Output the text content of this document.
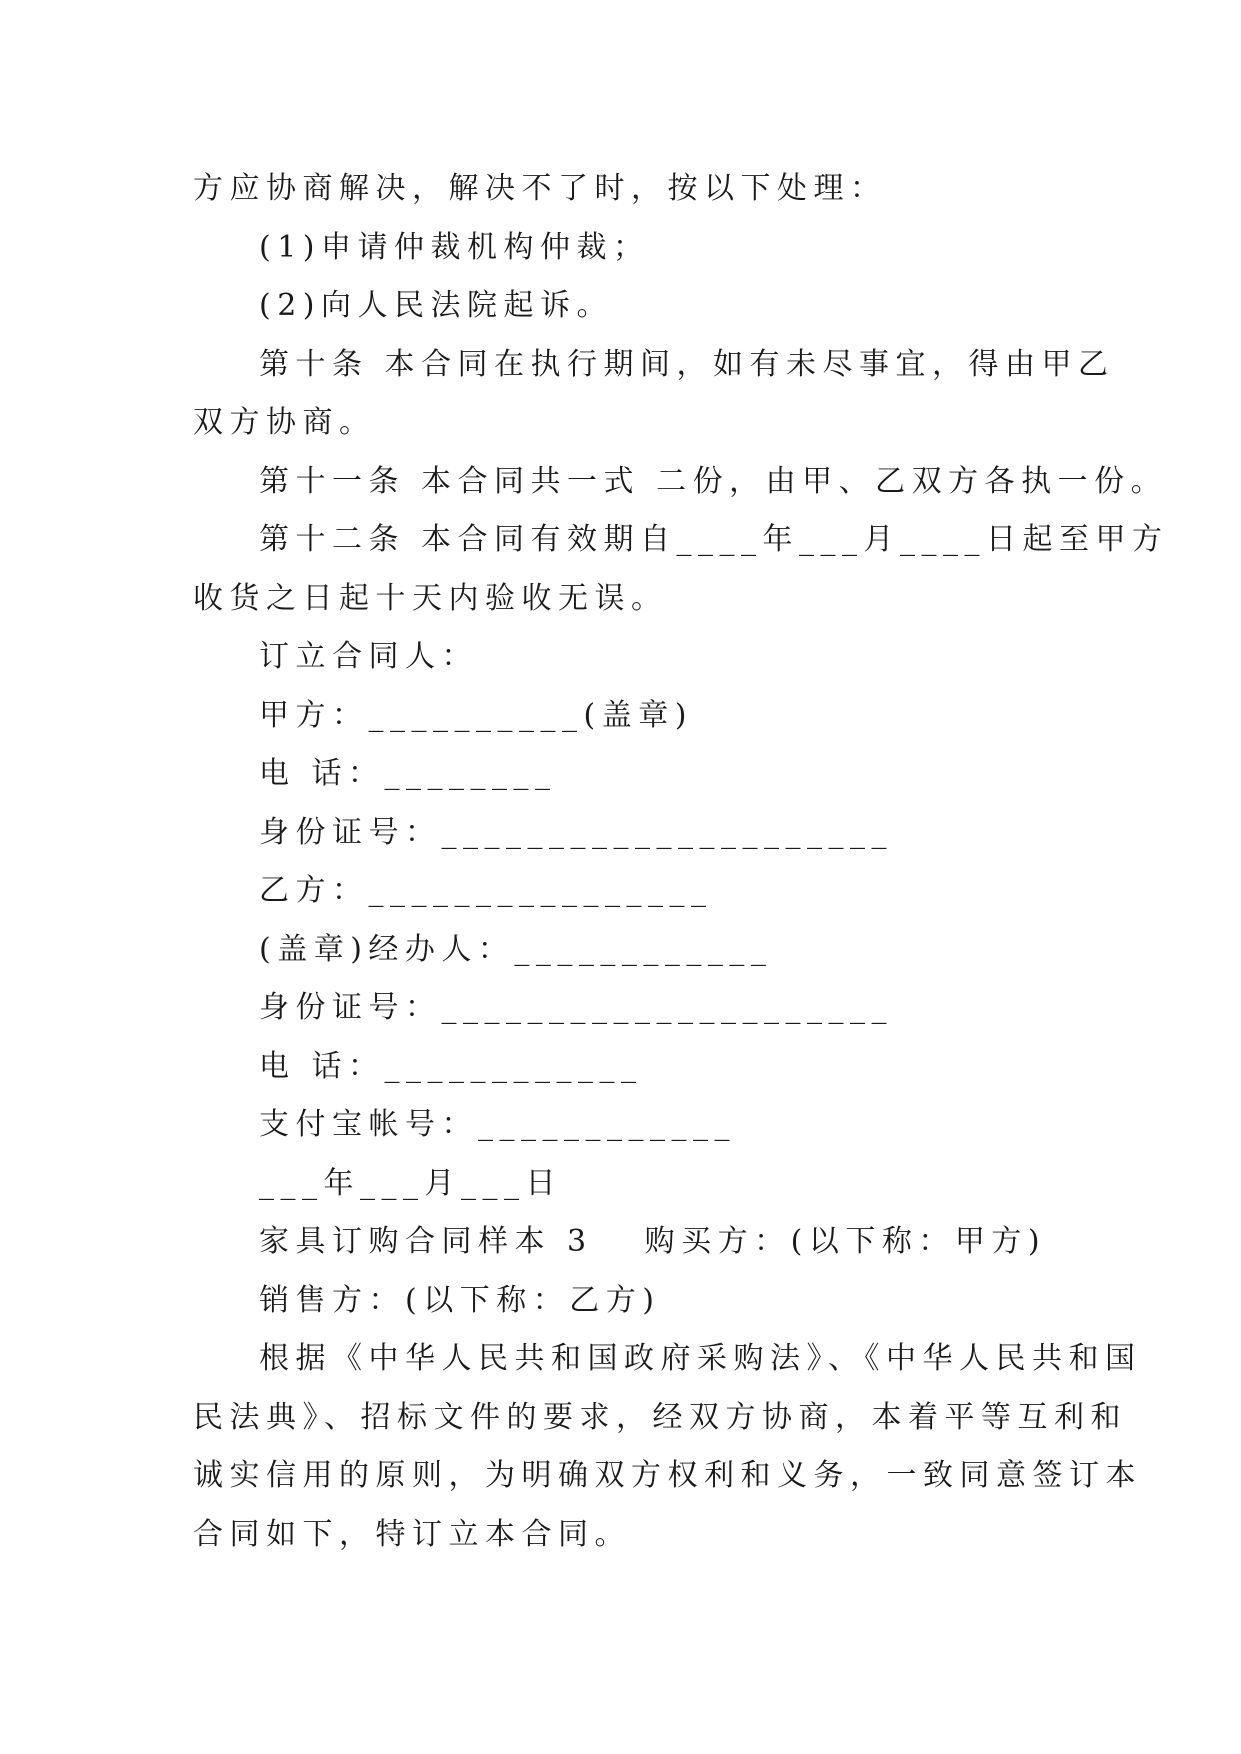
方应协商解决，解决不了时，按以下处理：
(1)申请仲裁机构仲裁；
(2)向人民法院起诉。
第十条 本合同在执行期间，如有未尽事宜，得由甲乙
双方协商。
第十一条 本合同共一式 二份，由甲、乙双方各执一份。
第十二条 本合同有效期自____年___月____日起至甲方
收货之日起十天内验收无误。
订立合同人：
甲方：__________(盖章)
电 话：________
身份证号：_____________________
乙方：________________
(盖章)经办人：____________
身份证号：_____________________
电 话：____________
支付宝帐号：____________
___年___月___日
家具订购合同样本 3 购买方：(以下称：甲方)
销售方：(以下称：乙方)
根据《中华人民共和国政府采购法》、《中华人民共和国
民法典》、招标文件的要求，经双方协商，本着平等互利和
诚实信用的原则，为明确双方权利和义务，一致同意签订本
合同如下，特订立本合同。
